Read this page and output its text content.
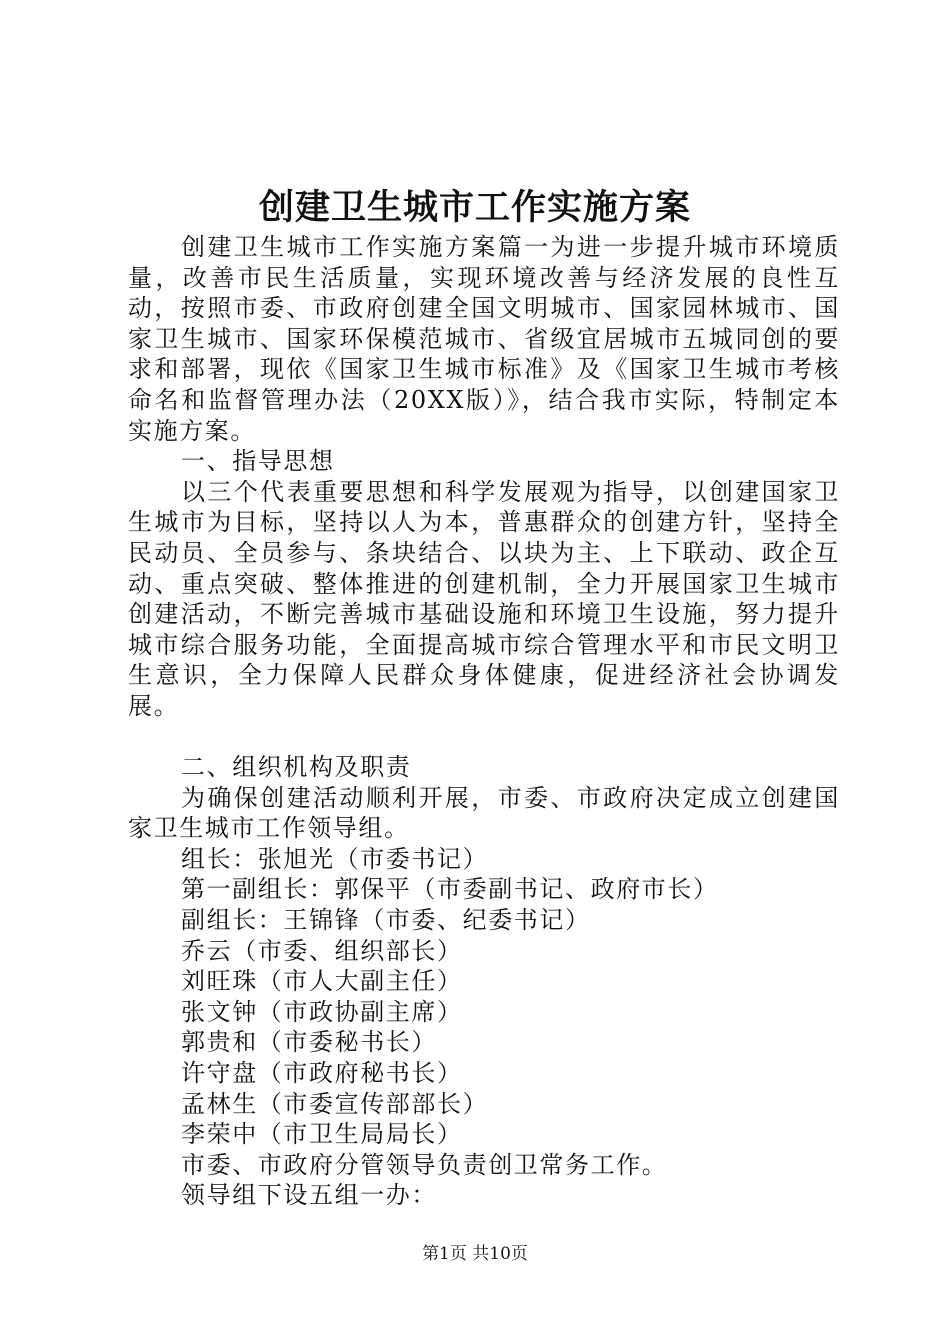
创建卫生城市工作实施方案

创建卫生城市工作实施方案篇一为进一步提升城市环境质量，改善市民生活质量，实现环境改善与经济发展的良性互动，按照市委、市政府创建全国文明城市、国家园林城市、国家卫生城市、国家环保模范城市、省级宜居城市五城同创的要求和部署，现依《国家卫生城市标准》及《国家卫生城市考核命名和监督管理办法（20XX版）》，结合我市实际，特制定本实施方案。

一、指导思想

以三个代表重要思想和科学发展观为指导，以创建国家卫生城市为目标，坚持以人为本，普惠群众的创建方针，坚持全民动员、全员参与、条块结合、以块为主、上下联动、政企互动、重点突破、整体推进的创建机制，全力开展国家卫生城市创建活动，不断完善城市基础设施和环境卫生设施，努力提升城市综合服务功能，全面提高城市综合管理水平和市民文明卫生意识，全力保障人民群众身体健康，促进经济社会协调发展。

二、组织机构及职责

为确保创建活动顺利开展，市委、市政府决定成立创建国家卫生城市工作领导组。

组长：张旭光（市委书记）

第一副组长：郭保平（市委副书记、政府市长）

副组长：王锦锋（市委、纪委书记）

乔云（市委、组织部长）

刘旺珠（市人大副主任）

张文钟（市政协副主席）

郭贵和（市委秘书长）

许守盘（市政府秘书长）

孟林生（市委宣传部部长）

李荣中（市卫生局局长）

市委、市政府分管领导负责创卫常务工作。

领导组下设五组一办：

第1页 共10页
